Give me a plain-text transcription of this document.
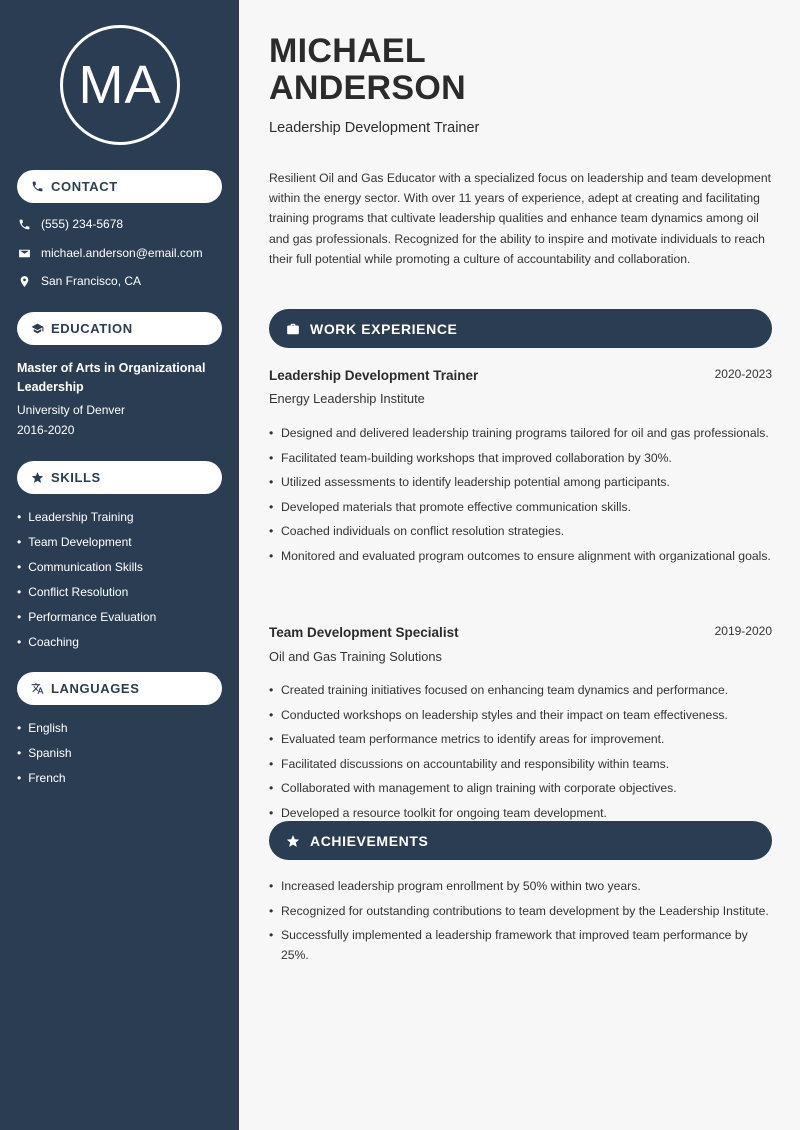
MA
CONTACT
(555) 234-5678
michael.anderson@email.com
San Francisco, CA
EDUCATION
Master of Arts in Organizational Leadership
University of Denver
2016-2020
SKILLS
• Leadership Training
• Team Development
• Communication Skills
• Conflict Resolution
• Performance Evaluation
• Coaching
LANGUAGES
• English
• Spanish
• French
MICHAEL
ANDERSON
Leadership Development Trainer

Resilient Oil and Gas Educator with a specialized focus on leadership and team development within the energy sector. With over 11 years of experience, adept at creating and facilitating training programs that cultivate leadership qualities and enhance team dynamics among oil and gas professionals. Recognized for the ability to inspire and motivate individuals to reach their full potential while promoting a culture of accountability and collaboration.

WORK EXPERIENCE
Leadership Development Trainer	2020-2023
Energy Leadership Institute
• Designed and delivered leadership training programs tailored for oil and gas professionals.
• Facilitated team-building workshops that improved collaboration by 30%.
• Utilized assessments to identify leadership potential among participants.
• Developed materials that promote effective communication skills.
• Coached individuals on conflict resolution strategies.
• Monitored and evaluated program outcomes to ensure alignment with organizational goals.
Team Development Specialist	2019-2020
Oil and Gas Training Solutions
• Created training initiatives focused on enhancing team dynamics and performance.
• Conducted workshops on leadership styles and their impact on team effectiveness.
• Evaluated team performance metrics to identify areas for improvement.
• Facilitated discussions on accountability and responsibility within teams.
• Collaborated with management to align training with corporate objectives.
• Developed a resource toolkit for ongoing team development.
ACHIEVEMENTS
• Increased leadership program enrollment by 50% within two years.
• Recognized for outstanding contributions to team development by the Leadership Institute.
• Successfully implemented a leadership framework that improved team performance by 25%.
